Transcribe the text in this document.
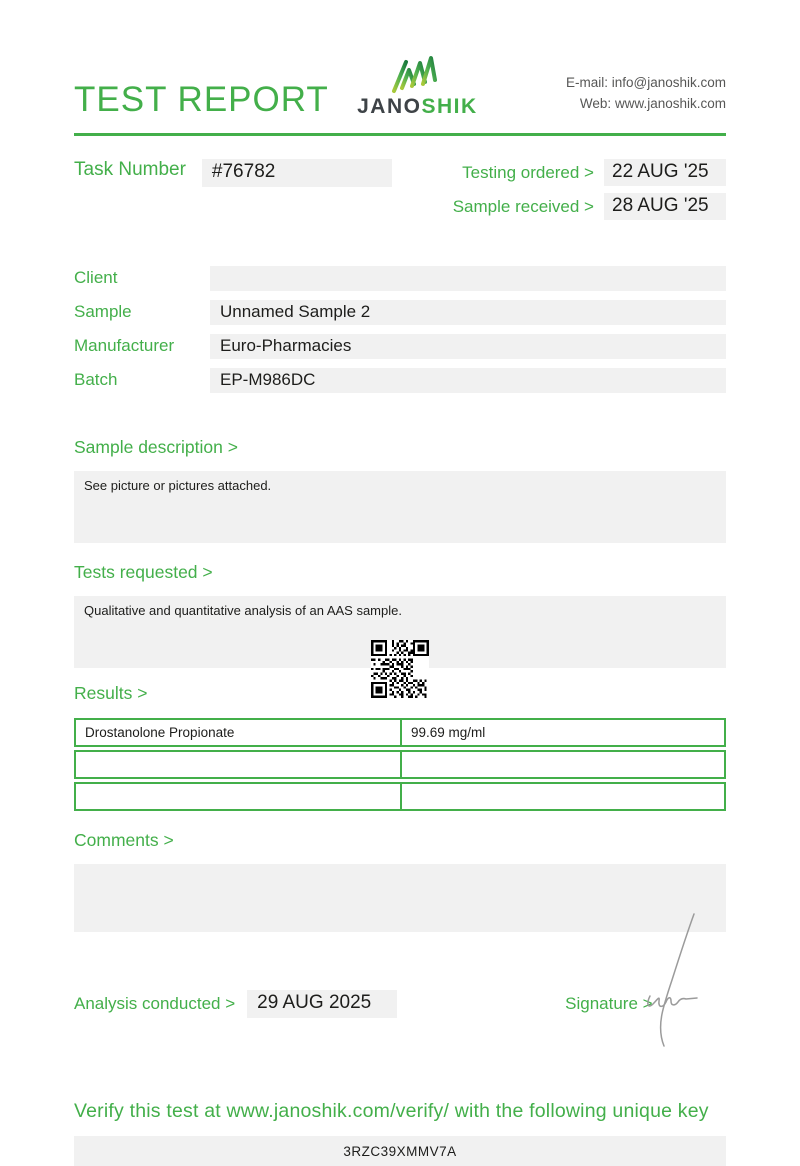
TEST REPORT JANOSHIK
E-mail: info@janoshik.com
Web: www.janoshik.com
Task Number	#76782	Testing ordered > 22 AUG '25
Sample received > 28 AUG '25
Client
Sample	Unnamed Sample 2
Manufacturer	Euro-Pharmacies
Batch	EP-M986DC
Sample description >
See picture or pictures attached.
Tests requested >
Qualitative and quantitative analysis of an AAS sample.
Results >
Drostanolone Propionate	99.69 mg/ml
Comments >
Analysis conducted >	29 AUG 2025	Signature >
Verify this test at www.janoshik.com/verify/ with the following unique key
3RZC39XMMV7A
